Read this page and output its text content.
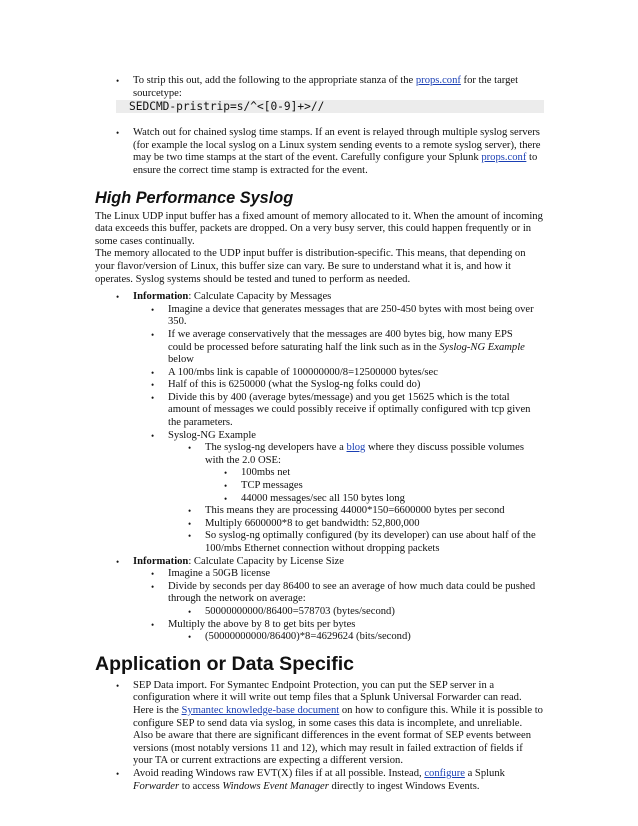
• To strip this out, add the following to the appropriate stanza of the props.conf for the target sourcetype:
SEDCMD-pristrip=s/^<[0-9]+>//
• Watch out for chained syslog time stamps. If an event is relayed through multiple syslog servers (for example the local syslog on a Linux system sending events to a remote syslog server), there may be two time stamps at the start of the event. Carefully configure your Splunk props.conf to ensure the correct time stamp is extracted for the event.
High Performance Syslog

The Linux UDP input buffer has a fixed amount of memory allocated to it. When the amount of incoming data exceeds this buffer, packets are dropped. On a very busy server, this could happen frequently or in some cases continually.

The memory allocated to the UDP input buffer is distribution-specific. This means, that depending on your flavor/version of Linux, this buffer size can vary. Be sure to understand what it is, and how it operates. Syslog systems should be tested and tuned to perform as needed.

• Information: Calculate Capacity by Messages
• Imagine a device that generates messages that are 250-450 bytes with most being over 350.
• If we average conservatively that the messages are 400 bytes big, how many EPS could be processed before saturating half the link such as in the Syslog-NG Example below
• A 100/mbs link is capable of 100000000/8=12500000 bytes/sec
• Half of this is 6250000 (what the Syslog-ng folks could do)
• Divide this by 400 (average bytes/message) and you get 15625 which is the total amount of messages we could possibly receive if optimally configured with tcp given the parameters.
• Syslog-NG Example
• The syslog-ng developers have a blog where they discuss possible volumes with the 2.0 OSE:
• 100mbs net
• TCP messages
• 44000 messages/sec all 150 bytes long
• This means they are processing 44000*150=6600000 bytes per second
• Multiply 6600000*8 to get bandwidth: 52,800,000
• So syslog-ng optimally configured (by its developer) can use about half of the 100/mbs Ethernet connection without dropping packets
• Information: Calculate Capacity by License Size
• Imagine a 50GB license
• Divide by seconds per day 86400 to see an average of how much data could be pushed through the network on average:
• 50000000000/86400=578703 (bytes/second)
• Multiply the above by 8 to get bits per bytes
• (50000000000/86400)*8=4629624 (bits/second)
Application or Data Specific
• SEP Data import. For Symantec Endpoint Protection, you can put the SEP server in a configuration where it will write out temp files that a Splunk Universal Forwarder can read. Here is the Symantec knowledge-base document on how to configure this. While it is possible to configure SEP to send data via syslog, in some cases this data is incomplete, and unreliable. Also be aware that there are significant differences in the event format of SEP events between versions (most notably versions 11 and 12), which may result in failed extraction of fields if your TA or current extractions are expecting a different version.
• Avoid reading Windows raw EVT(X) files if at all possible. Instead, configure a Splunk Forwarder to access Windows Event Manager directly to ingest Windows Events.
